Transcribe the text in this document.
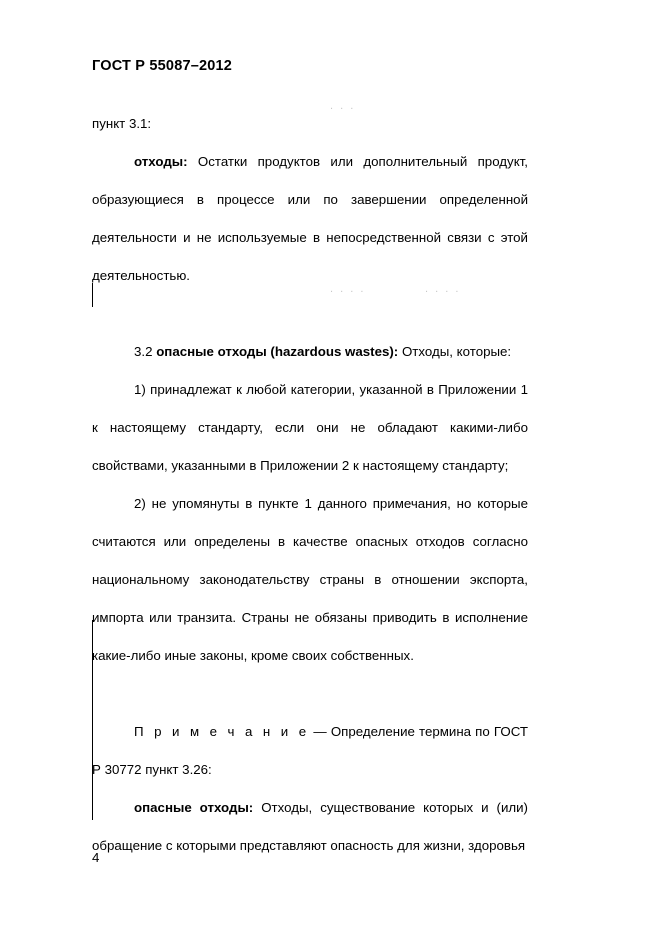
ГОСТ Р 55087–2012
. . .
. . . .	. . . .

пункт 3.1:

отходы: Остатки продуктов или дополнительный продукт, образующиеся в процессе или по завершении определенной деятельности и не используемые в непосредственной связи с этой деятельностью.

3.2 опасные отходы (hazardous wastes): Отходы, которые:

1) принадлежат к любой категории, указанной в Приложении 1 к настоящему стандарту, если они не обладают какими-либо свойствами, указанными в Приложении 2 к настоящему стандарту;

2) не упомянуты в пункте 1 данного примечания, но которые считаются или определены в качестве опасных отходов согласно национальному законодательству страны в отношении экспорта, импорта или транзита. Страны не обязаны приводить в исполнение какие-либо иные законы, кроме своих собственных.

П р и м е ч а н и е — Определение термина по ГОСТ Р 30772 пункт 3.26:

опасные отходы: Отходы, существование которых и (или) обращение с которыми представляют опасность для жизни, здоровья

4
